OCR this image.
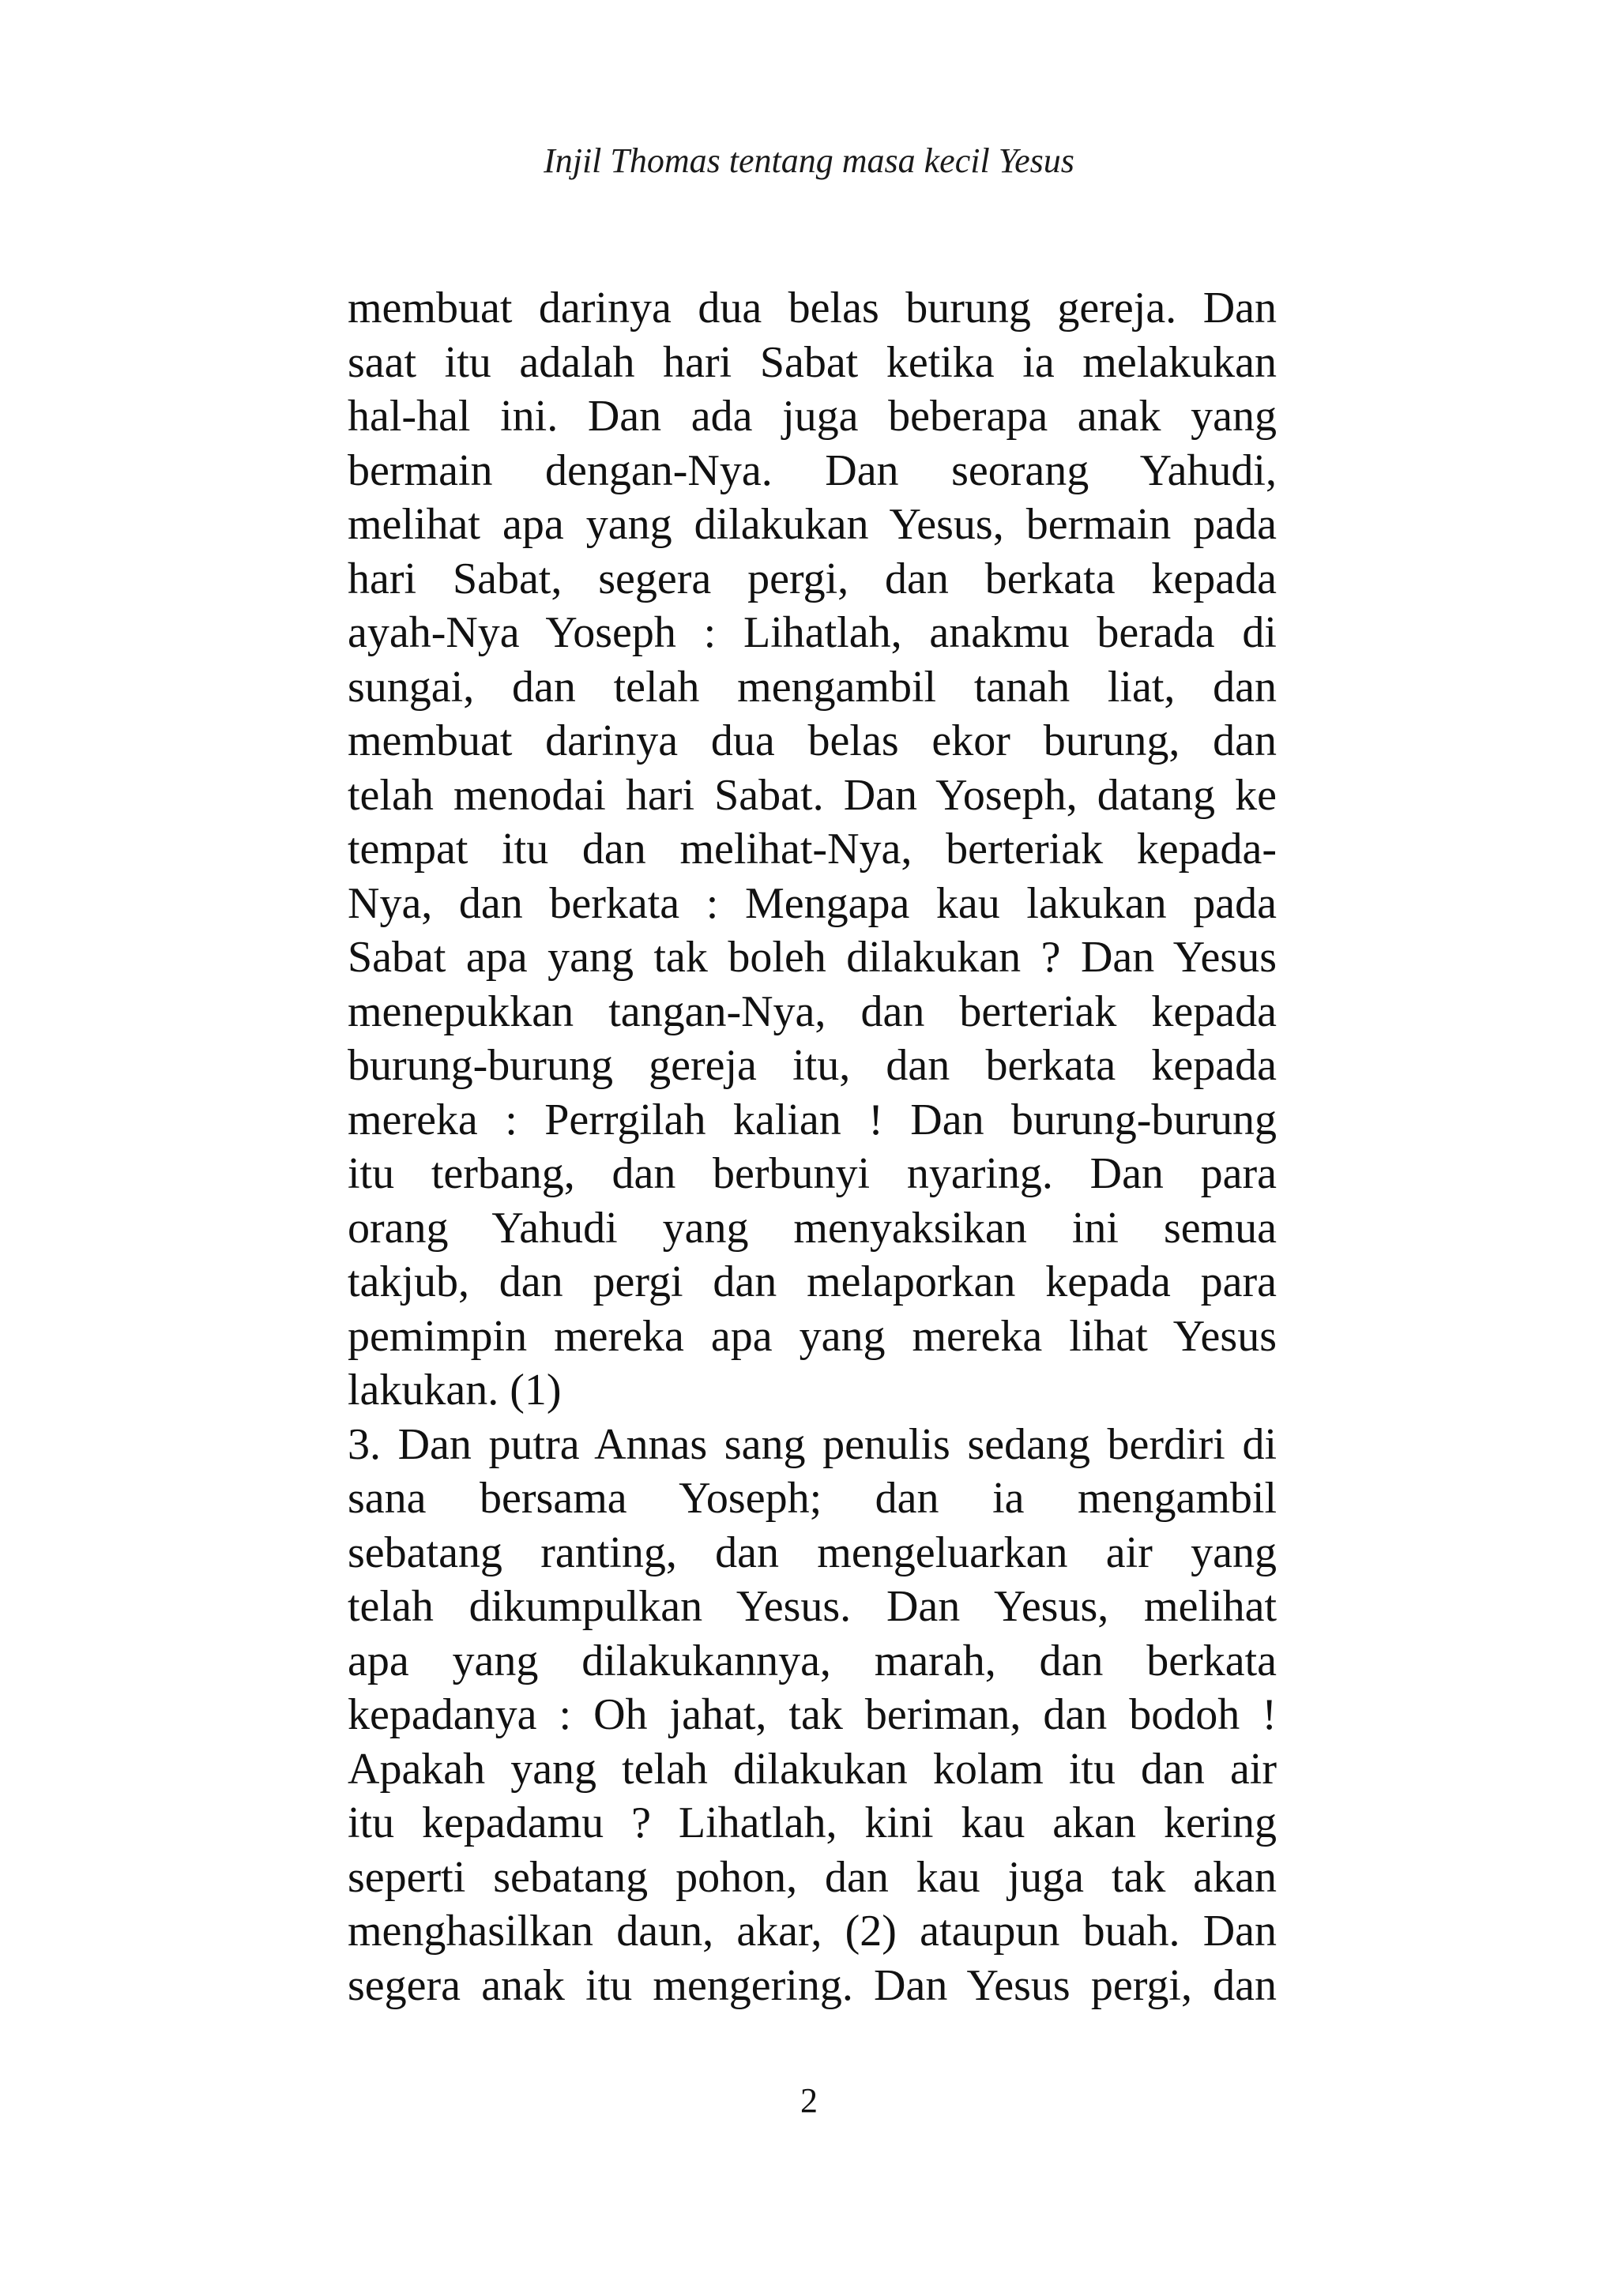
Injil Thomas tentang masa kecil Yesus
membuat darinya dua belas burung gereja. Dan
saat itu adalah hari Sabat ketika ia melakukan
hal-hal ini. Dan ada juga beberapa anak yang
bermain dengan-Nya. Dan seorang Yahudi,
melihat apa yang dilakukan Yesus, bermain pada
hari Sabat, segera pergi, dan berkata kepada
ayah-Nya Yoseph : Lihatlah, anakmu berada di
sungai, dan telah mengambil tanah liat, dan
membuat darinya dua belas ekor burung, dan
telah menodai hari Sabat. Dan Yoseph, datang ke
tempat itu dan melihat-Nya, berteriak kepada-
Nya, dan berkata : Mengapa kau lakukan pada
Sabat apa yang tak boleh dilakukan ? Dan Yesus
menepukkan tangan-Nya, dan berteriak kepada
burung-burung gereja itu, dan berkata kepada
mereka : Perrgilah kalian ! Dan burung-burung
itu terbang, dan berbunyi nyaring. Dan para
orang Yahudi yang menyaksikan ini semua
takjub, dan pergi dan melaporkan kepada para
pemimpin mereka apa yang mereka lihat Yesus
lakukan. (1)
3. Dan putra Annas sang penulis sedang berdiri di
sana bersama Yoseph; dan ia mengambil
sebatang ranting, dan mengeluarkan air yang
telah dikumpulkan Yesus. Dan Yesus, melihat
apa yang dilakukannya, marah, dan berkata
kepadanya : Oh jahat, tak beriman, dan bodoh !
Apakah yang telah dilakukan kolam itu dan air
itu kepadamu ? Lihatlah, kini kau akan kering
seperti sebatang pohon, dan kau juga tak akan
menghasilkan daun, akar, (2) ataupun buah. Dan
segera anak itu mengering. Dan Yesus pergi, dan
2
